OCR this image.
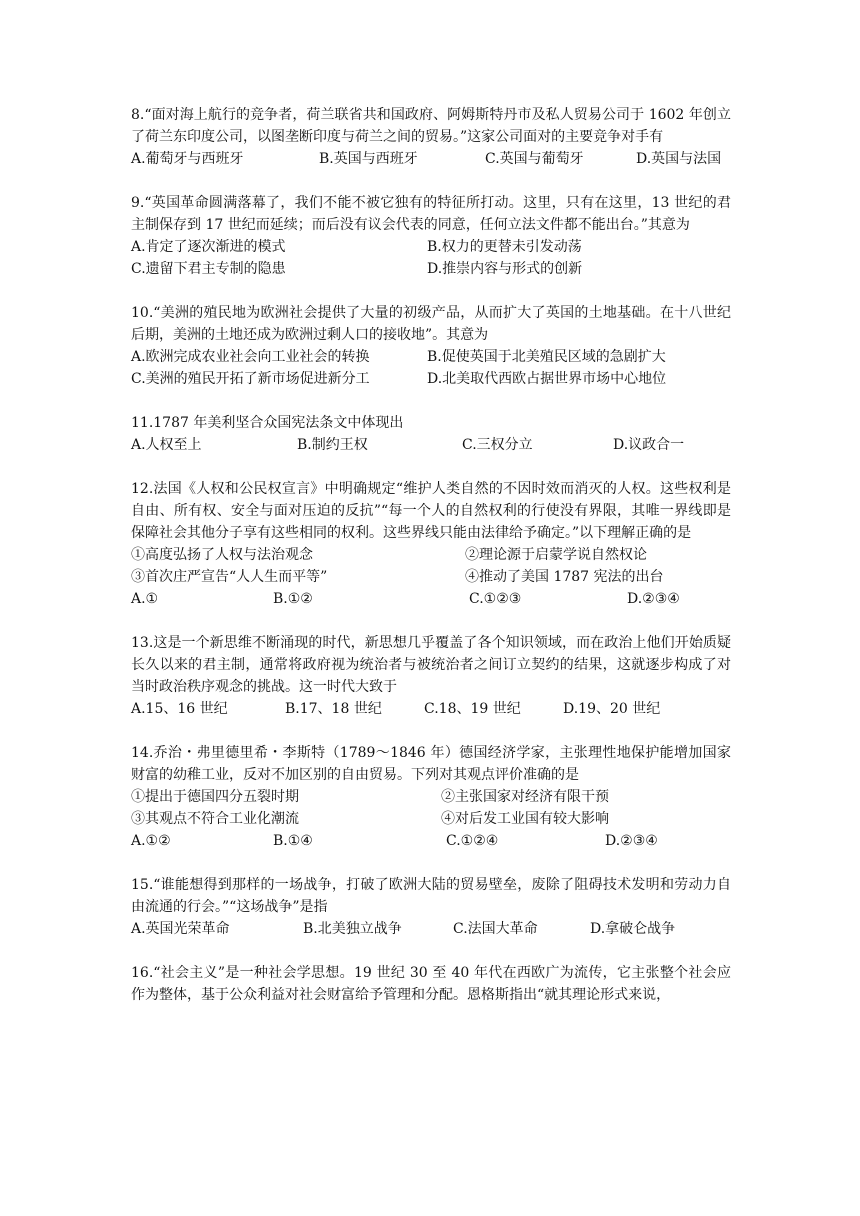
8.“面对海上航行的竞争者，荷兰联省共和国政府、阿姆斯特丹市及私人贸易公司于 1602 年创立了荷兰东印度公司，以图垄断印度与荷兰之间的贸易。”这家公司面对的主要竞争对手有
A.葡萄牙与西班牙	B.英国与西班牙	C.英国与葡萄牙	D.英国与法国
9.“英国革命圆满落幕了，我们不能不被它独有的特征所打动。这里，只有在这里，13 世纪的君主制保存到 17 世纪而延续；而后没有议会代表的同意，任何立法文件都不能出台。”其意为
A.肯定了逐次渐进的模式	B.权力的更替未引发动荡
C.遗留下君主专制的隐患	D.推崇内容与形式的创新
10.“美洲的殖民地为欧洲社会提供了大量的初级产品，从而扩大了英国的土地基础。在十八世纪后期，美洲的土地还成为欧洲过剩人口的接收地”。其意为
A.欧洲完成农业社会向工业社会的转换	B.促使英国于北美殖民区域的急剧扩大
C.美洲的殖民开拓了新市场促进新分工	D.北美取代西欧占据世界市场中心地位
11.1787 年美利坚合众国宪法条文中体现出
A.人权至上	B.制约王权	C.三权分立	D.议政合一
12.法国《人权和公民权宣言》中明确规定“维护人类自然的不因时效而消灭的人权。这些权利是自由、所有权、安全与面对压迫的反抗”“每一个人的自然权利的行使没有界限，其唯一界线即是保障社会其他分子享有这些相同的权利。这些界线只能由法律给予确定。”以下理解正确的是
①高度弘扬了人权与法治观念	②理论源于启蒙学说自然权论
③首次庄严宣告“人人生而平等”	④推动了美国 1787 宪法的出台
A.①	B.①②	C.①②③	D.②③④
13.这是一个新思维不断涌现的时代，新思想几乎覆盖了各个知识领域，而在政治上他们开始质疑长久以来的君主制，通常将政府视为统治者与被统治者之间订立契约的结果，这就逐步构成了对当时政治秩序观念的挑战。这一时代大致于
A.15、16 世纪	B.17、18 世纪	C.18、19 世纪	D.19、20 世纪
14.乔治・弗里德里希・李斯特（1789～1846 年）德国经济学家，主张理性地保护能增加国家财富的幼稚工业，反对不加区别的自由贸易。下列对其观点评价准确的是
①提出于德国四分五裂时期	②主张国家对经济有限干预
③其观点不符合工业化潮流	④对后发工业国有较大影响
A.①②	B.①④	C.①②④	D.②③④
15.“谁能想得到那样的一场战争，打破了欧洲大陆的贸易壁垒，废除了阻碍技术发明和劳动力自由流通的行会。”“这场战争”是指
A.英国光荣革命	B.北美独立战争	C.法国大革命	D.拿破仑战争
16.“社会主义”是一种社会学思想。19 世纪 30 至 40 年代在西欧广为流传，它主张整个社会应作为整体，基于公众利益对社会财富给予管理和分配。恩格斯指出“就其理论形式来说，
